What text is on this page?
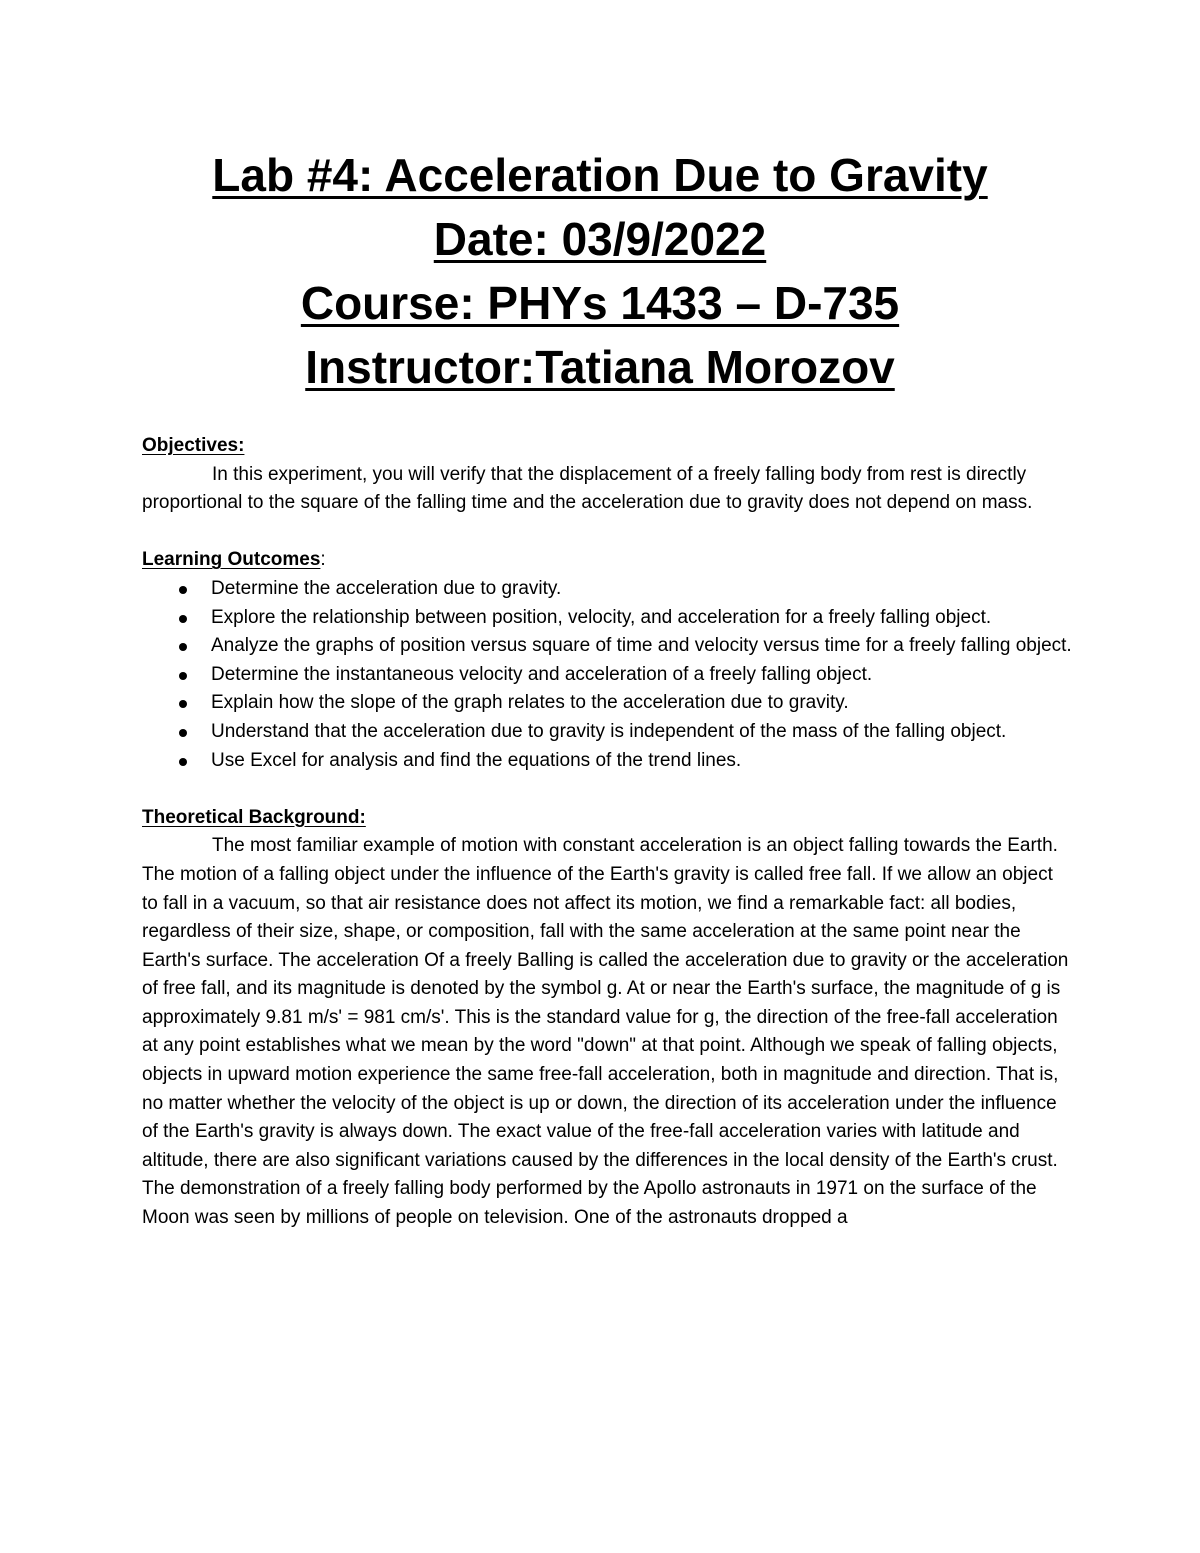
Lab #4: Acceleration Due to Gravity
Date: 03/9/2022
Course: PHYs 1433 – D-735
Instructor:Tatiana Morozov
Objectives:

In this experiment, you will verify that the displacement of a freely falling body from rest is directly proportional to the square of the falling time and the acceleration due to gravity does not depend on mass.

Learning Outcomes:
Determine the acceleration due to gravity.
Explore the relationship between position, velocity, and acceleration for a freely falling object.
Analyze the graphs of position versus square of time and velocity versus time for a freely falling object.
Determine the instantaneous velocity and acceleration of a freely falling object.
Explain how the slope of the graph relates to the acceleration due to gravity.
Understand that the acceleration due to gravity is independent of the mass of the falling object.
Use Excel for analysis and find the equations of the trend lines.
Theoretical Background:

The most familiar example of motion with constant acceleration is an object falling towards the Earth. The motion of a falling object under the influence of the Earth's gravity is called free fall. If we allow an object to fall in a vacuum, so that air resistance does not affect its motion, we find a remarkable fact: all bodies, regardless of their size, shape, or composition, fall with the same acceleration at the same point near the Earth's surface. The acceleration Of a freely Balling is called the acceleration due to gravity or the acceleration of free fall, and its magnitude is denoted by the symbol g. At or near the Earth's surface, the magnitude of g is approximately 9.81 m/s' = 981 cm/s'. This is the standard value for g, the direction of the free-fall acceleration at any point establishes what we mean by the word "down" at that point. Although we speak of falling objects, objects in upward motion experience the same free-fall acceleration, both in magnitude and direction. That is, no matter whether the velocity of the object is up or down, the direction of its acceleration under the influence of the Earth's gravity is always down. The exact value of the free-fall acceleration varies with latitude and altitude, there are also significant variations caused by the differences in the local density of the Earth's crust. The demonstration of a freely falling body performed by the Apollo astronauts in 1971 on the surface of the Moon was seen by millions of people on television. One of the astronauts dropped a
